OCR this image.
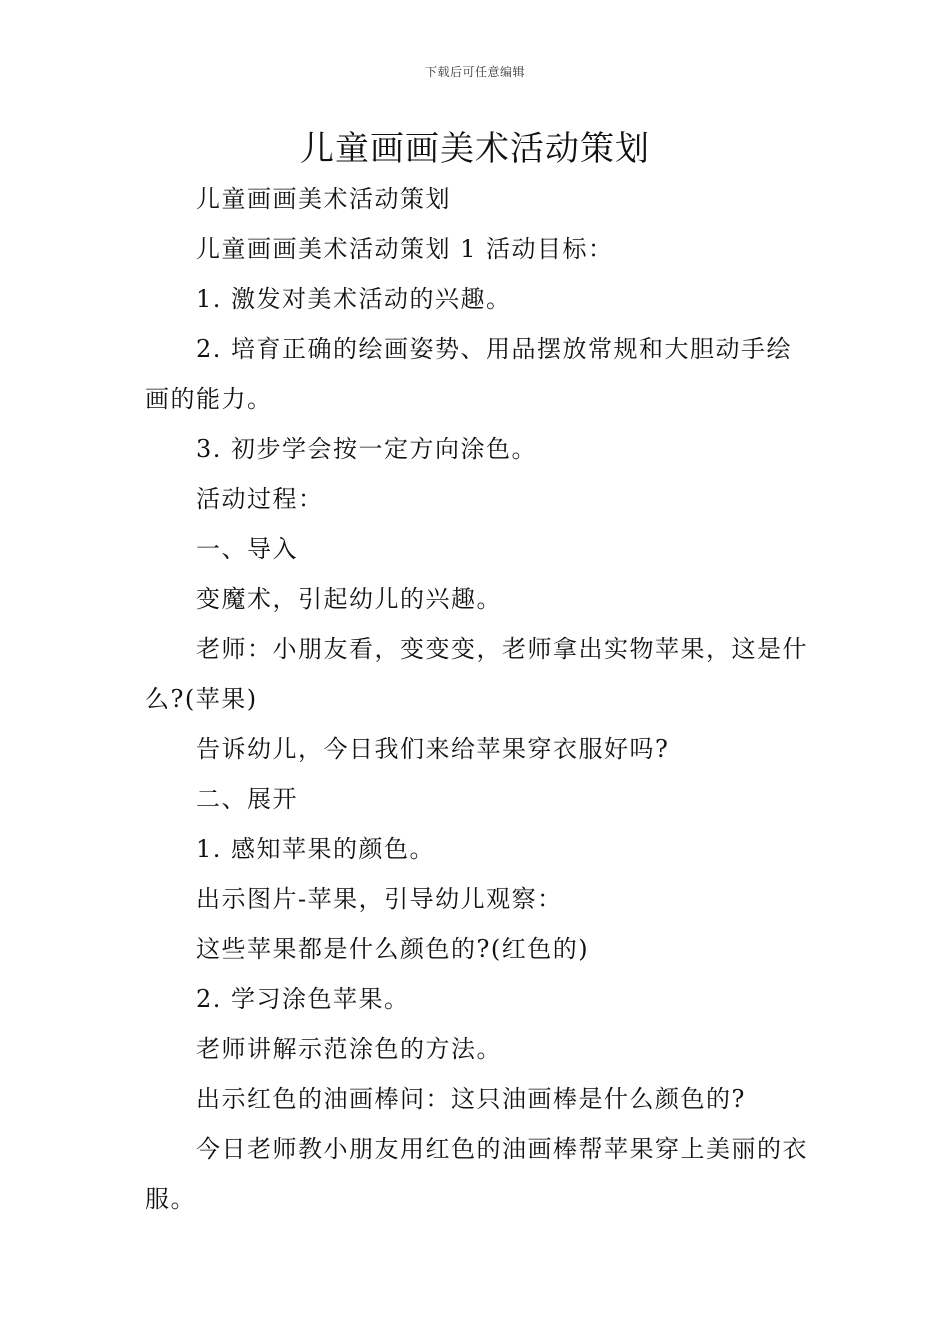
下载后可任意编辑
儿童画画美术活动策划

儿童画画美术活动策划

儿童画画美术活动策划 1 活动目标：

1. 激发对美术活动的兴趣。

2. 培育正确的绘画姿势、用品摆放常规和大胆动手绘画的能力。

3. 初步学会按一定方向涂色。

活动过程：

一、导入

变魔术，引起幼儿的兴趣。

老师：小朋友看，变变变，老师拿出实物苹果，这是什么?(苹果)

告诉幼儿，今日我们来给苹果穿衣服好吗?

二、展开

1. 感知苹果的颜色。

出示图片-苹果，引导幼儿观察：

这些苹果都是什么颜色的?(红色的)

2. 学习涂色苹果。

老师讲解示范涂色的方法。

出示红色的油画棒问：这只油画棒是什么颜色的?

今日老师教小朋友用红色的油画棒帮苹果穿上美丽的衣服。
